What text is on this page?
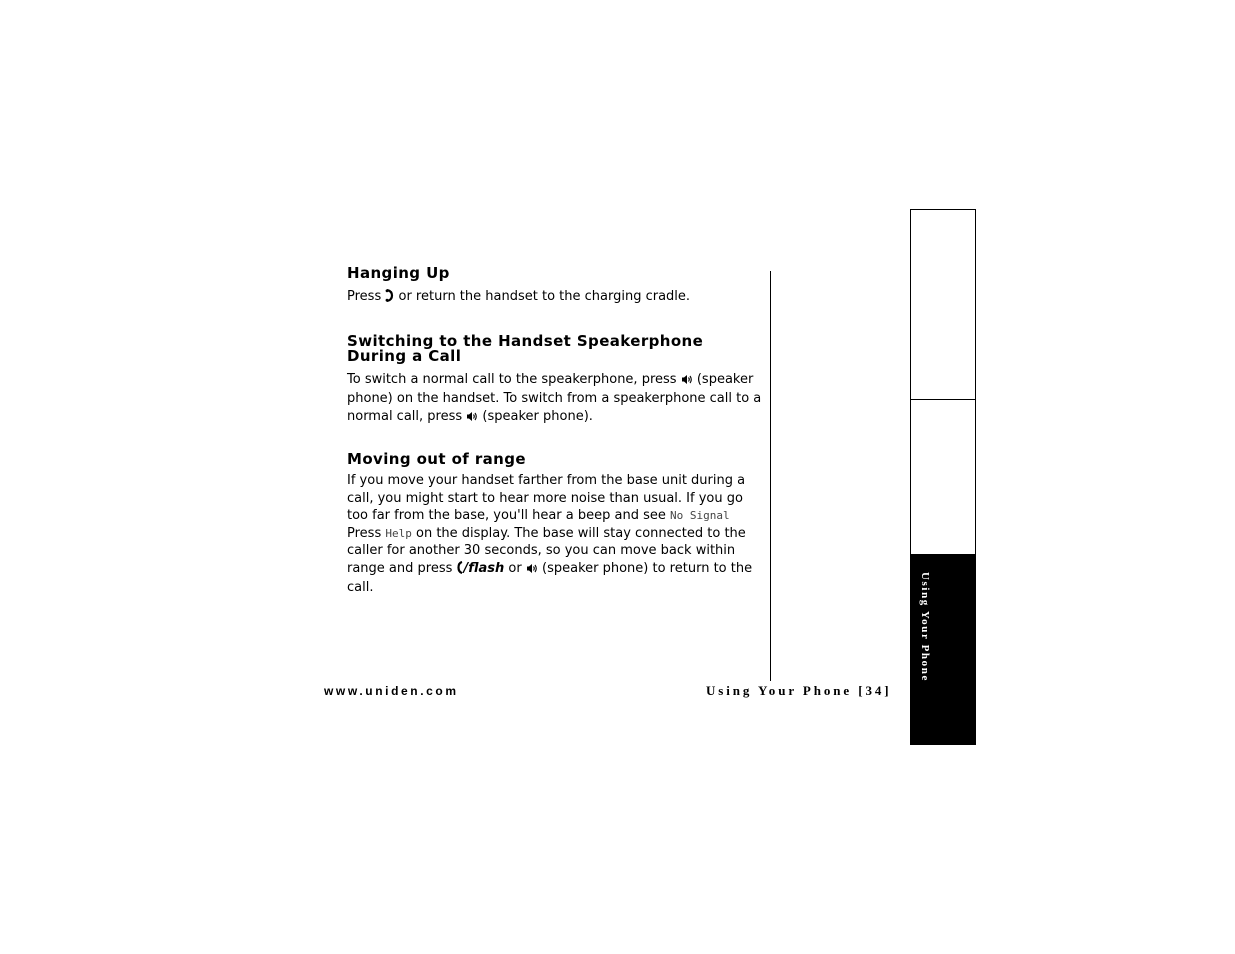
Hanging Up

Press or return the handset to the charging cradle.

Switching to the Handset Speakerphone During a Call

To switch a normal call to the speakerphone, press (speaker phone) on the handset. To switch from a speakerphone call to a normal call, press (speaker phone).

Moving out of range

If you move your handset farther from the base unit during a call, you might start to hear more noise than usual. If you go too far from the base, you'll hear a beep and see No Signal Press Help on the display. The base will stay connected to the caller for another 30 seconds, so you can move back within range and press /flash or (speaker phone) to return to the call.

www.uniden.com	Using Your Phone [34]
Using Your Phone
